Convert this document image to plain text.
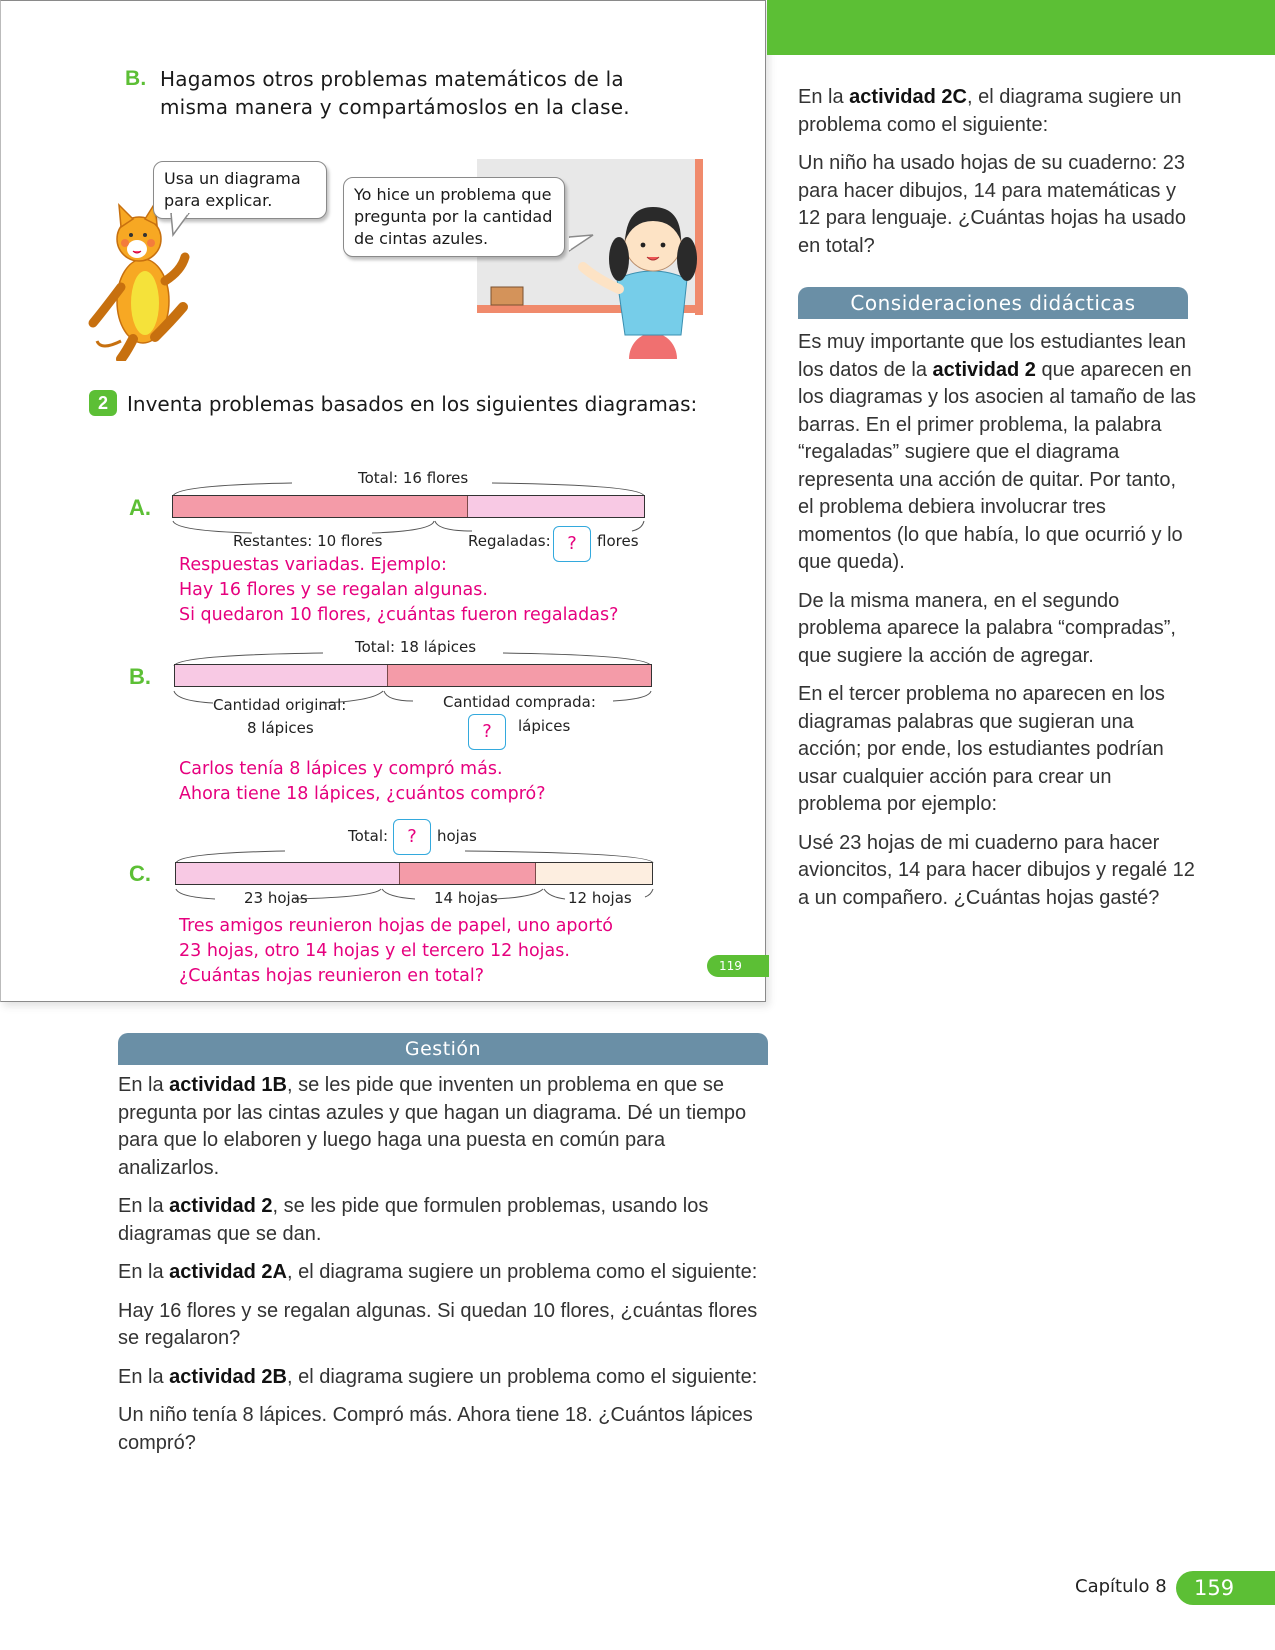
B. Hagamos otros problemas matemáticos de la misma manera y compartámoslos en la clase.
Usa un diagrama para explicar.	Yo hice un problema que pregunta por la cantidad de cintas azules.
2 Inventa problemas basados en los siguientes diagramas:
A.
Total: 16 flores
Restantes: 10 flores	Regaladas: ?	flores
Respuestas variadas. Ejemplo:
Hay 16 flores y se regalan algunas.
Si quedaron 10 flores, ¿cuántas fueron regaladas?
B.
Total: 18 lápices
Cantidad original:
8 lápices
Cantidad comprada:
?	lápices
Carlos tenía 8 lápices y compró más.
Ahora tiene 18 lápices, ¿cuántos compró?
C.
Total:	?	hojas
23 hojas	14 hojas	12 hojas
Tres amigos reunieron hojas de papel, uno aportó
23 hojas, otro 14 hojas y el tercero 12 hojas.
¿Cuántas hojas reunieron en total?	119
Gestión

En la actividad 1B, se les pide que inventen un problema en que se pregunta por las cintas azules y que hagan un diagrama. Dé un tiempo para que lo elaboren y luego haga una puesta en común para analizarlos.

En la actividad 2, se les pide que formulen problemas, usando los diagramas que se dan.

En la actividad 2A, el diagrama sugiere un problema como el siguiente:

Hay 16 flores y se regalan algunas. Si quedan 10 flores, ¿cuántas flores se regalaron?

En la actividad 2B, el diagrama sugiere un problema como el siguiente:

Un niño tenía 8 lápices. Compró más. Ahora tiene 18. ¿Cuántos lápices compró?

En la actividad 2C, el diagrama sugiere un problema como el siguiente:

Un niño ha usado hojas de su cuaderno: 23 para hacer dibujos, 14 para matemáticas y 12 para lenguaje. ¿Cuántas hojas ha usado en total?

Consideraciones didácticas

Es muy importante que los estudiantes lean los datos de la actividad 2 que aparecen en los diagramas y los asocien al tamaño de las barras. En el primer problema, la palabra “regaladas” sugiere que el diagrama representa una acción de quitar. Por tanto, el problema debiera involucrar tres momentos (lo que había, lo que ocurrió y lo que queda).

De la misma manera, en el segundo problema aparece la palabra “compradas”, que sugiere la acción de agregar.

En el tercer problema no aparecen en los diagramas palabras que sugieran una acción; por ende, los estudiantes podrían usar cualquier acción para crear un problema por ejemplo:

Usé 23 hojas de mi cuaderno para hacer avioncitos, 14 para hacer dibujos y regalé 12 a un compañero. ¿Cuántas hojas gasté?

Capítulo 8	159
